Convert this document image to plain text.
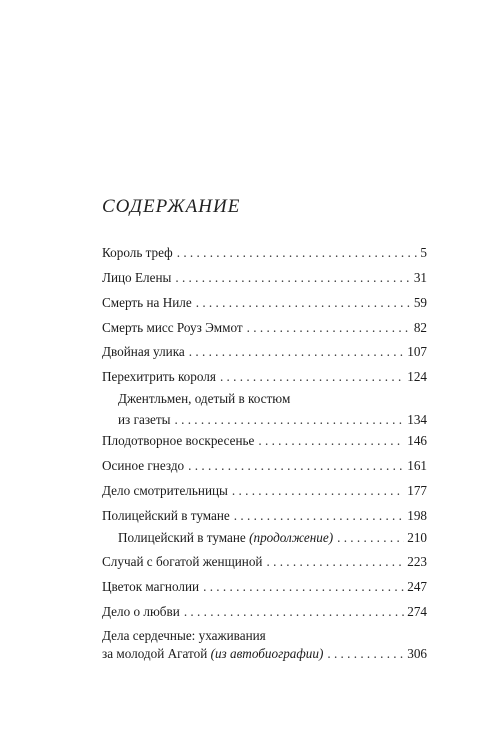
СОДЕРЖАНИЕ
Король треф . . .	5
Лицо Елены . . .	31
Смерть на Ниле . . .	59
Смерть мисс Роуз Эммот . . .	82
Двойная улика . . .	107
Перехитрить короля . . .	124
Джентльмен, одетый в костюм
из газеты . . .	134
Плодотворное воскресенье . . .	146
Осиное гнездо . . .	161
Дело смотрительницы . . .	177
Полицейский в тумане . . .	198
Полицейский в тумане (продолжение) . . .	210
Случай с богатой женщиной . . .	223
Цветок магнолии . . .	247
Дело о любви . . .	274
Дела сердечные: ухаживания
за молодой Агатой (из автобиографии) . . .	306
